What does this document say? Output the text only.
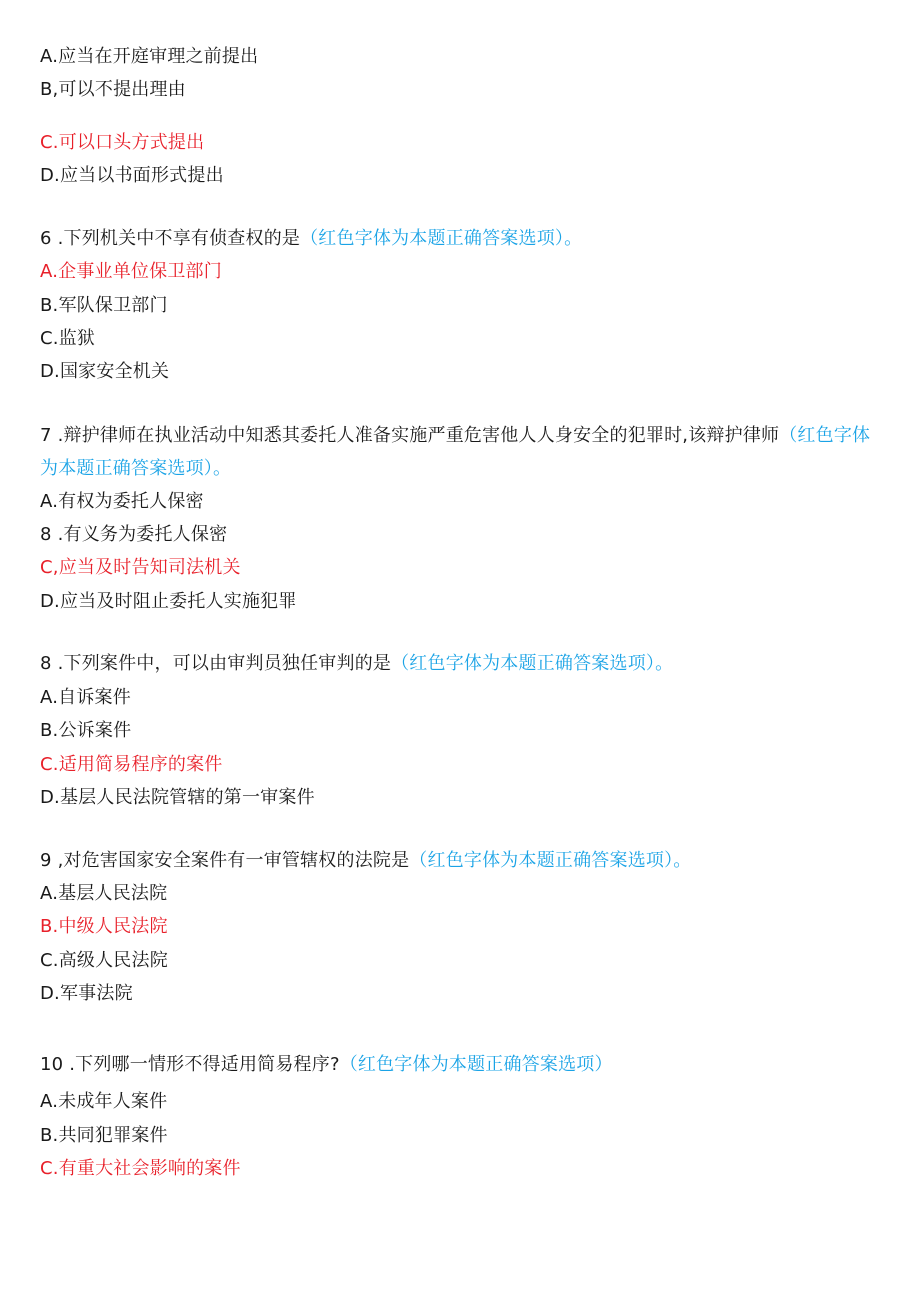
A.应当在开庭审理之前提出
B,可以不提出理由
C.可以口头方式提出
D.应当以书面形式提出
6 .下列机关中不享有侦查权的是（红色字体为本题正确答案选项）。
A.企事业单位保卫部门
B.军队保卫部门
C.监狱
D.国家安全机关
7 .辩护律师在执业活动中知悉其委托人准备实施严重危害他人人身安全的犯罪时,该辩护律师（红色字体为本题正确答案选项）。
A.有权为委托人保密
8 .有义务为委托人保密
C,应当及时告知司法机关
D.应当及时阻止委托人实施犯罪
8 .下列案件中，可以由审判员独任审判的是（红色字体为本题正确答案选项）。
A.自诉案件
B.公诉案件
C.适用简易程序的案件
D.基层人民法院管辖的第一审案件
9 ,对危害国家安全案件有一审管辖权的法院是（红色字体为本题正确答案选项）。
A.基层人民法院
B.中级人民法院
C.高级人民法院
D.军事法院
10 .下列哪一情形不得适用简易程序?（红色字体为本题正确答案选项）
A.未成年人案件
B.共同犯罪案件
C.有重大社会影响的案件
